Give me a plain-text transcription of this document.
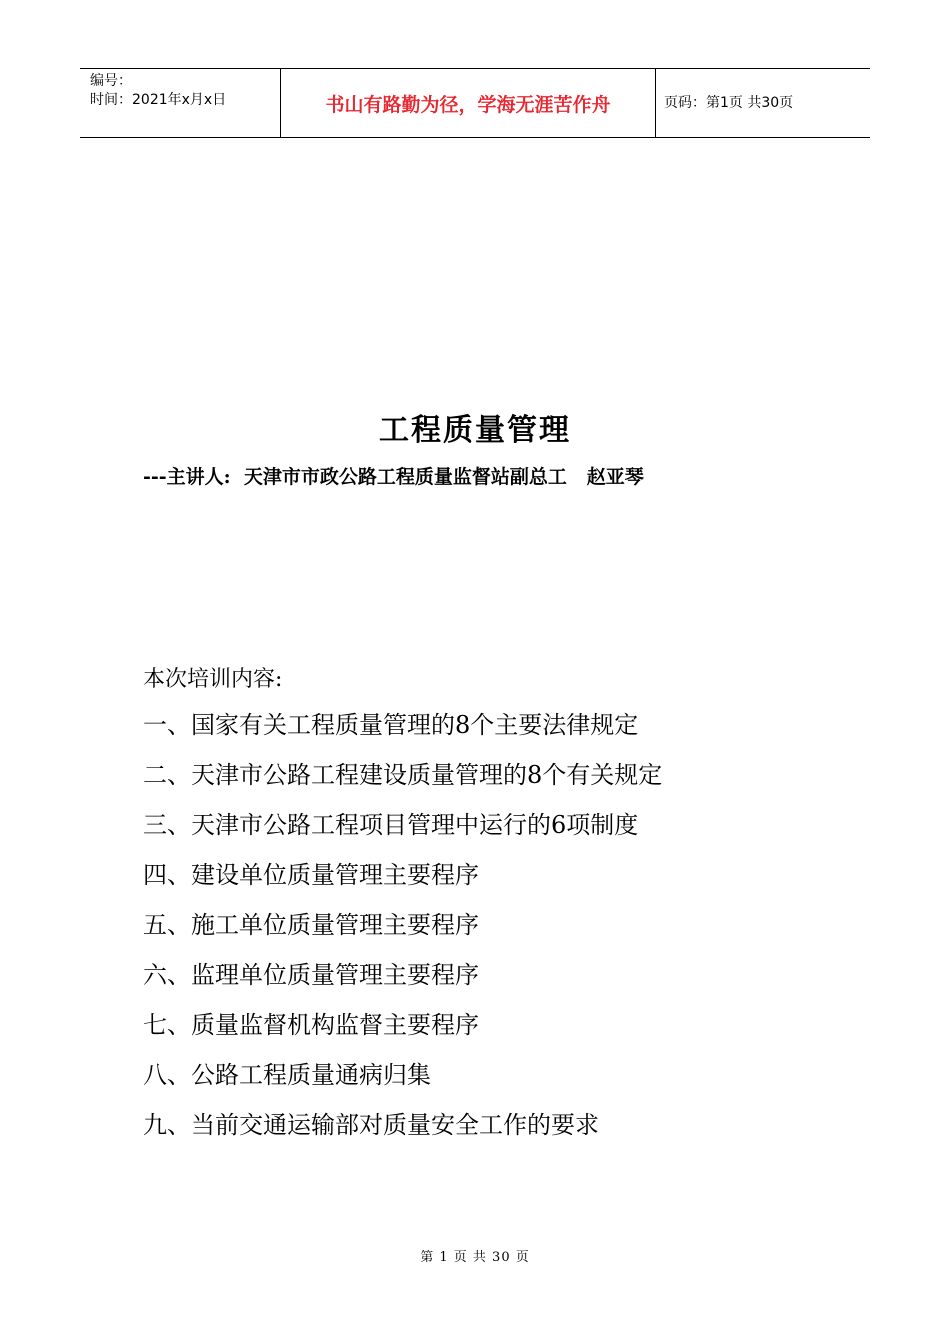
编号：
时间：2021年x月x日	书山有路勤为径，学海无涯苦作舟	页码：第1页 共30页
工程质量管理
---主讲人:  天津市市政公路工程质量监督站副总工   赵亚琴
本次培训内容:
一、国家有关工程质量管理的8个主要法律规定
二、天津市公路工程建设质量管理的8个有关规定
三、天津市公路工程项目管理中运行的6项制度
四、建设单位质量管理主要程序
五、施工单位质量管理主要程序
六、监理单位质量管理主要程序
七、质量监督机构监督主要程序
八、公路工程质量通病归集
九、当前交通运输部对质量安全工作的要求
第 1 页 共 30 页
